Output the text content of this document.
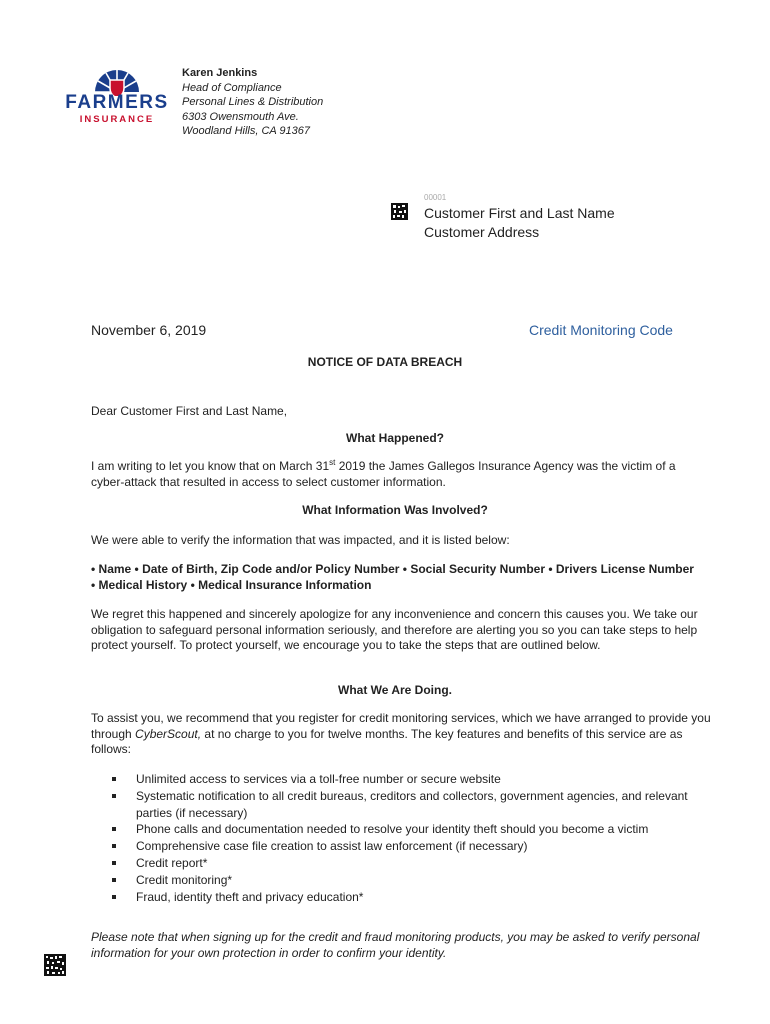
FARMERS
INSURANCE
Karen Jenkins
Head of Compliance
Personal Lines & Distribution
6303 Owensmouth Ave.
Woodland Hills, CA 91367
00001
Customer First and Last Name
Customer Address
November 6, 2019	Credit Monitoring Code
NOTICE OF DATA BREACH
Dear Customer First and Last Name,
What Happened?
I am writing to let you know that on March 31st 2019 the James Gallegos Insurance Agency was the victim of a cyber-attack that resulted in access to select customer information.
What Information Was Involved?
We were able to verify the information that was impacted, and it is listed below:
• Name • Date of Birth, Zip Code and/or Policy Number • Social Security Number • Drivers License Number
• Medical History • Medical Insurance Information
We regret this happened and sincerely apologize for any inconvenience and concern this causes you. We take our obligation to safeguard personal information seriously, and therefore are alerting you so you can take steps to help protect yourself. To protect yourself, we encourage you to take the steps that are outlined below.
What We Are Doing.
To assist you, we recommend that you register for credit monitoring services, which we have arranged to provide you through CyberScout, at no charge to you for twelve months. The key features and benefits of this service are as follows:
Unlimited access to services via a toll-free number or secure website
Systematic notification to all credit bureaus, creditors and collectors, government agencies, and relevant parties (if necessary)
Phone calls and documentation needed to resolve your identity theft should you become a victim
Comprehensive case file creation to assist law enforcement (if necessary)
Credit report*
Credit monitoring*
Fraud, identity theft and privacy education*
Please note that when signing up for the credit and fraud monitoring products, you may be asked to verify personal information for your own protection in order to confirm your identity.
